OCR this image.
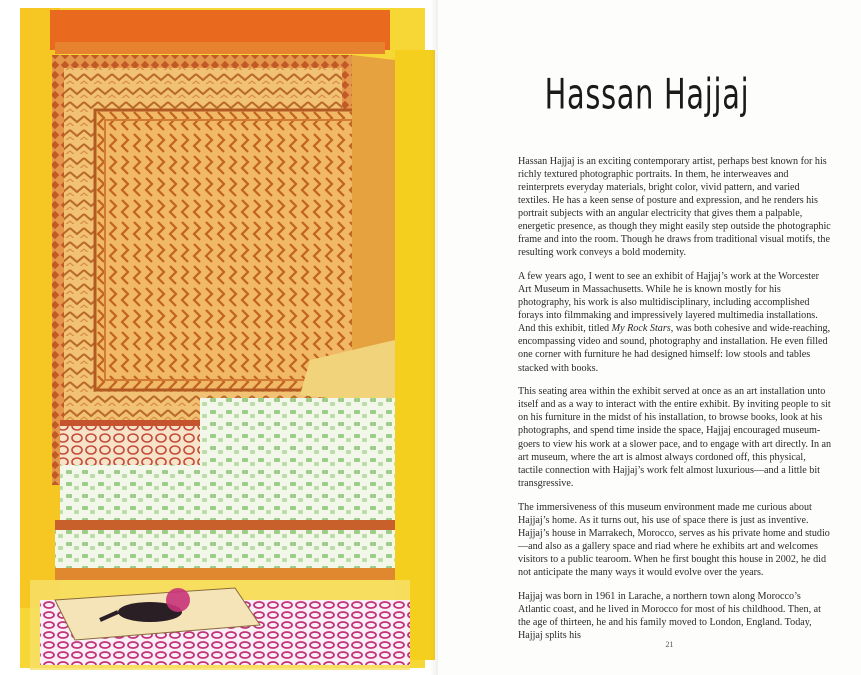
Hassan Hajjaj

Hassan Hajjaj is an exciting contemporary artist, perhaps best known for his richly textured photographic portraits. In them, he interweaves and reinterprets everyday materials, bright color, vivid pattern, and varied textiles. He has a keen sense of posture and expression, and he renders his portrait subjects with an angular electricity that gives them a palpable, energetic presence, as though they might easily step outside the photographic frame and into the room. Though he draws from traditional visual motifs, the resulting work conveys a bold modernity.

A few years ago, I went to see an exhibit of Hajjaj’s work at the Worcester Art Museum in Massachusetts. While he is known mostly for his photography, his work is also multidisciplinary, including accomplished forays into filmmaking and impressively layered multimedia installations. And this exhibit, titled My Rock Stars, was both cohesive and wide-reaching, encompassing video and sound, photography and installation. He even filled one corner with furniture he had designed himself: low stools and tables stacked with books.

This seating area within the exhibit served at once as an art installation unto itself and as a way to interact with the entire exhibit. By inviting people to sit on his furniture in the midst of his installation, to browse books, look at his photographs, and spend time inside the space, Hajjaj encouraged museum-goers to view his work at a slower pace, and to engage with art directly. In an art museum, where the art is almost always cordoned off, this physical, tactile connection with Hajjaj’s work felt almost luxurious—and a little bit transgressive.

The immersiveness of this museum environment made me curious about Hajjaj’s home. As it turns out, his use of space there is just as inventive. Hajjaj’s house in Marrakech, Morocco, serves as his private home and studio—and also as a gallery space and riad where he exhibits art and welcomes visitors to a public tearoom. When he first bought this house in 2002, he did not anticipate the many ways it would evolve over the years.

Hajjaj was born in 1961 in Larache, a northern town along Morocco’s Atlantic coast, and he lived in Morocco for most of his childhood. Then, at the age of thirteen, he and his family moved to London, England. Today, Hajjaj splits his

21
